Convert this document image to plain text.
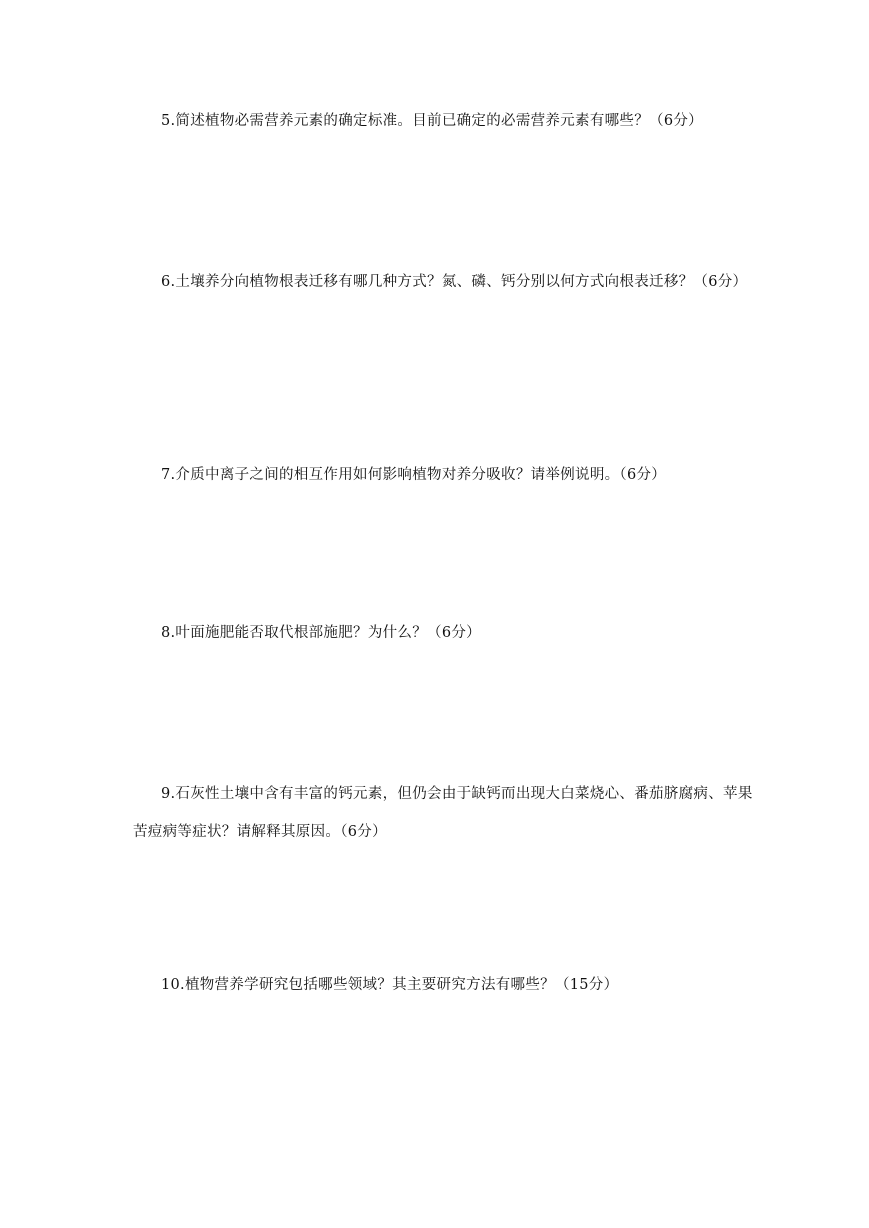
5.简述植物必需营养元素的确定标准。目前已确定的必需营养元素有哪些？（6分）

6.土壤养分向植物根表迁移有哪几种方式？氮、磷、钙分别以何方式向根表迁移？（6分）

7.介质中离子之间的相互作用如何影响植物对养分吸收？请举例说明。（6分）

8.叶面施肥能否取代根部施肥？为什么？（6分）

9.石灰性土壤中含有丰富的钙元素，但仍会由于缺钙而出现大白菜烧心、番茄脐腐病、苹果苦痘病等症状？请解释其原因。（6分）

10.植物营养学研究包括哪些领域？其主要研究方法有哪些？（15分）
